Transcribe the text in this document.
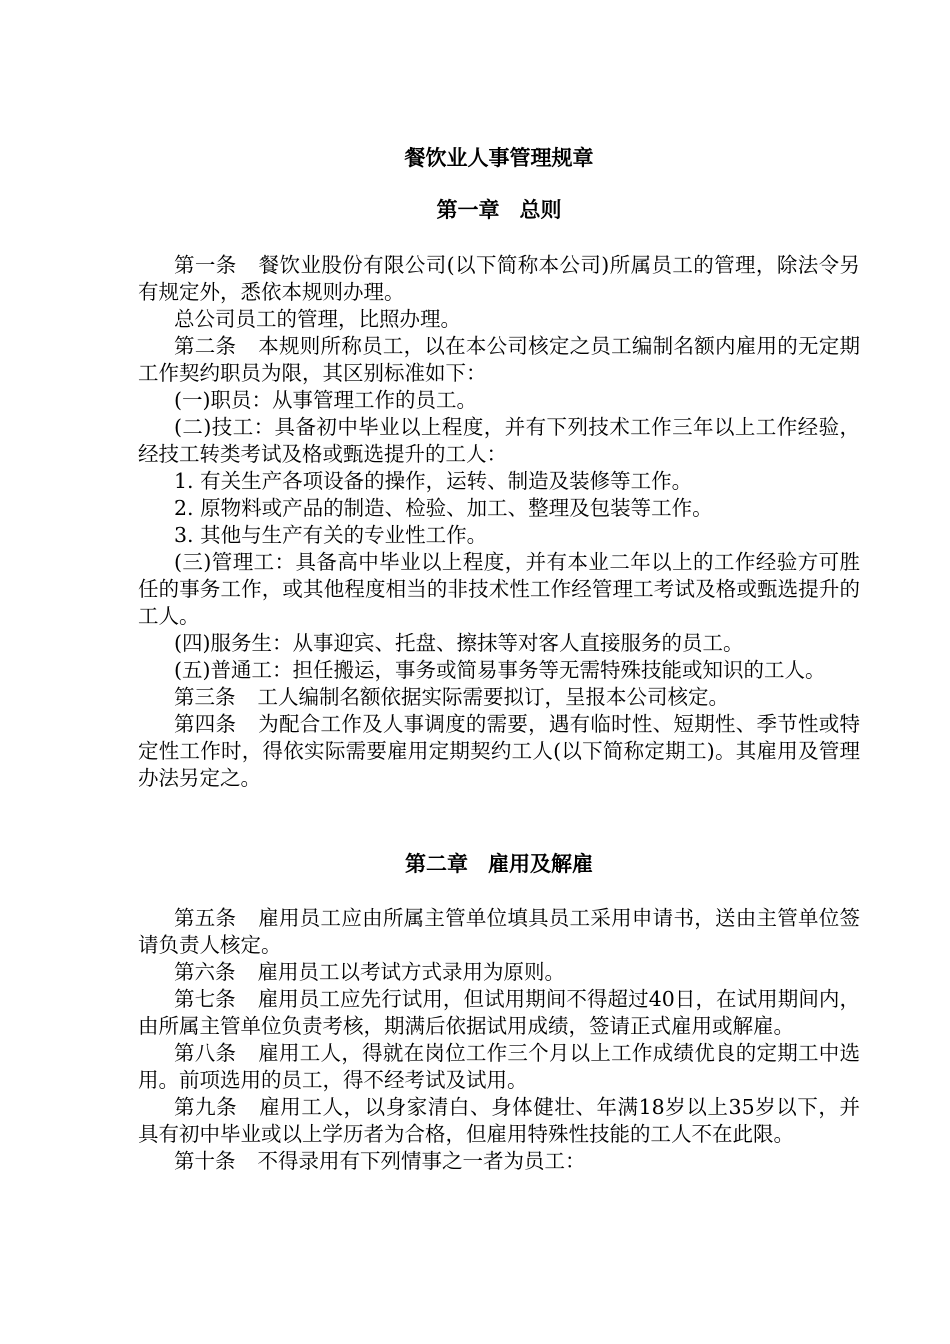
餐饮业人事管理规章
第一章 总则

第一条 餐饮业股份有限公司(以下简称本公司)所属员工的管理，除法令另有规定外，悉依本规则办理。

总公司员工的管理，比照办理。

第二条 本规则所称员工，以在本公司核定之员工编制名额内雇用的无定期工作契约职员为限，其区别标准如下：

(一)职员：从事管理工作的员工。

(二)技工：具备初中毕业以上程度，并有下列技术工作三年以上工作经验，经技工转类考试及格或甄选提升的工人：

1. 有关生产各项设备的操作，运转、制造及装修等工作。

2. 原物料或产品的制造、检验、加工、整理及包装等工作。

3. 其他与生产有关的专业性工作。

(三)管理工：具备高中毕业以上程度，并有本业二年以上的工作经验方可胜任的事务工作，或其他程度相当的非技术性工作经管理工考试及格或甄选提升的工人。

(四)服务生：从事迎宾、托盘、擦抹等对客人直接服务的员工。

(五)普通工：担任搬运，事务或简易事务等无需特殊技能或知识的工人。

第三条 工人编制名额依据实际需要拟订，呈报本公司核定。

第四条 为配合工作及人事调度的需要，遇有临时性、短期性、季节性或特定性工作时，得依实际需要雇用定期契约工人(以下简称定期工)。其雇用及管理办法另定之。

第二章 雇用及解雇

第五条 雇用员工应由所属主管单位填具员工采用申请书，送由主管单位签请负责人核定。

第六条 雇用员工以考试方式录用为原则。

第七条 雇用员工应先行试用，但试用期间不得超过40日，在试用期间内，由所属主管单位负责考核，期满后依据试用成绩，签请正式雇用或解雇。

第八条 雇用工人，得就在岗位工作三个月以上工作成绩优良的定期工中选用。前项选用的员工，得不经考试及试用。

第九条 雇用工人，以身家清白、身体健壮、年满18岁以上35岁以下，并具有初中毕业或以上学历者为合格，但雇用特殊性技能的工人不在此限。

第十条 不得录用有下列情事之一者为员工：
